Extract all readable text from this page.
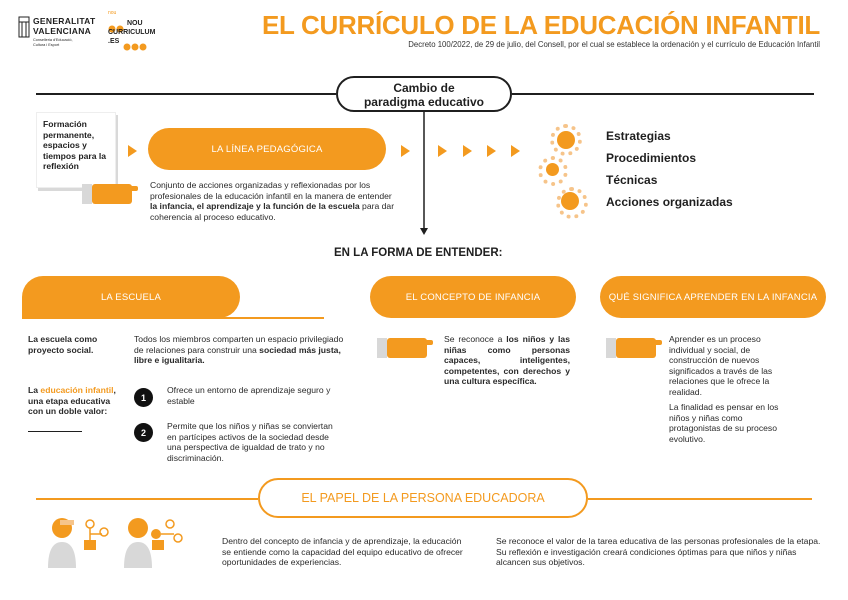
GENERALITAT
VALENCIANA
Conselleria d'Educació,
Cultura i Esport
nou
NOU
CURRICULUM
.ES
EL CURRÍCULO DE LA EDUCACIÓN INFANTIL
Decreto 100/2022, de 29 de julio, del Consell, por el cual se establece la ordenación y el currículo de Educación Infantil
Cambio de
paradigma educativo
Formación permanente, espacios y tiempos para la reflexión
LA LÍNEA PEDAGÓGICA
Conjunto de acciones organizadas y reflexionadas por los profesionales de la educación infantil en la manera de entender la infancia, el aprendizaje y la función de la escuela para dar coherencia al proceso educativo.
Estrategias
Procedimientos
Técnicas
Acciones organizadas
EN LA FORMA DE ENTENDER:
LA ESCUELA	EL CONCEPTO DE INFANCIA	QUÉ SIGNIFICA APRENDER EN LA INFANCIA
La escuela como proyecto social.
Todos los miembros comparten un espacio privilegiado de relaciones para construir una sociedad más justa, libre e igualitaria.
La educación infantil, una etapa educativa con un doble valor:
1
Ofrece un entorno de aprendizaje seguro y estable
2
Permite que los niños y niñas se conviertan en partícipes activos de la sociedad desde una perspectiva de igualdad de trato y no discriminación.
Se reconoce a los niños y las niñas como personas capaces, inteligentes, competentes, con derechos y una cultura específica.
Aprender es un proceso individual y social, de construcción de nuevos significados a través de las relaciones que le ofrece la realidad.
La finalidad es pensar en los niños y niñas como protagonistas de su proceso evolutivo.
EL PAPEL DE LA PERSONA EDUCADORA
Dentro del concepto de infancia y de aprendizaje, la educación se entiende como la capacidad del equipo educativo de ofrecer oportunidades de experiencias.
Se reconoce el valor de la tarea educativa de las personas profesionales de la etapa. Su reflexión e investigación creará condiciones óptimas para que niños y niñas alcancen sus objetivos.
